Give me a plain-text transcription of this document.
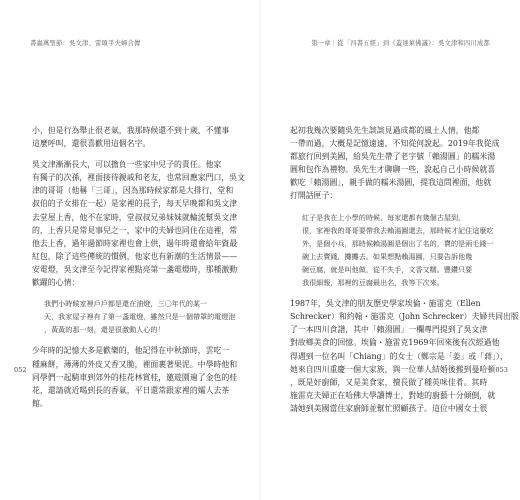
書蟲萬聖節：吳文津、雷頌平夫婦合傳
小，但是行為舉止很老氣，我那時候還不到十歲，不懂事
這麼呼叫，還很喜歡用這個名字。
吳文津漸漸長大，可以擔負一些家中兒子的責任。他家
有獨子的次孫，裡面接待親戚和老友，也常回應家門口，吳文
津的哥哥（他稱「三哥」，因為那時候家都是大排行，堂和
叔伯的子女排在一起）是家裡的長子，每天早晚都和吳文津
去堂屋上香，他不在家時，堂叔叔兄弟妹妹就輪流幫吳文津
的，上香只是常見事兒之一，家中的夫婦也同住在這裡，常
他去上香，過年過節時家裡也會上供，過年時還會給年資最
紅包，除了這些傳統的慣例，他家也有新潮的生活情景——
安電燈，吳文津至今記得家裡點亮第一盞電燈時，那種激動
歡躍的心情：
我們小時候家裡戶戶都是還在油燈，三〇年代的某一
天，我家屋子裡有了第一盞電燈，雖然只是一個帶罩的電燈泡
，黃黃的那一刻，還是很激動人心的！
少年時的記憶大多是歡樂的，他記得在中秋節時，雲吃一
種麻餅，薄薄的外皮又香又脆，裡面裹著果泥。中學時他和
同學們一起騎車到郊外的桂花林賞桂，邀遊園遍了金色的桂
花，還請就近喝到長的香氣，平日還常跟家裡的孀人去茶
館。
052
第一章｜從「四書五經」到《蓋達萊佛議》：吳文津和四川成都
起初我幾次要隨吳先生談談見過成都的風土人情，他都
一帶而過，大概是記憶遠遠，不知從何說起。2019年我從成
都旅行回到美國，給吳先生帶了老字號「賴湯圓」的糯米湯
圓和包作為禮物。吳先生才聊聊一些，說起自己小時候就喜
歡吃「賴湯圓」，親手做的糯米湯圓，提我這問裡面，他就
打開話匣子：
紅子是我在上小學的時候，每家還都有幾個古屋到，
很，家裡我的哥哥要帶我去賴湯圓還去，那時候才記住這麼吃
外，是個小兵，那時候賴湯圓是個出了名的，賣的是兩毛錢一
碗上去賣錢，攤攤去。如果想點賴湯圓，只要告訴他幾
碗豆腐，就是叫他做，從不失手，文香又糯。豐鑽只要
我很細報，那裡的豆腐最出名，我等下次來。
1987年，吳文津的朋友歷史學家埃倫・施雷克（Ellen
Schrecker）和約翰・施雷克（John Schrecker）夫婦共同出版
了一本四川食譜，其中「賴湯圓」一欄專門提到了吳文津
對故鄉美食的回憶。埃倫・施雷克1969年回來後有次經過他
得遇到一位名叫「Chiang」的女士（鄭宗是「姜」或「蔣」），
她來自四川重慶一個大家族，與一位華人結婚後搬到曼哈頓
，既是好廚師，又是美食家，擅長做了種英味佳肴。其時
施雷克夫婦正在哈佛大學讀博士，對她的廚藝十分傾倒，就
請她到美國當住家廚師並幫忙照顧孩子。這位中國女士很
053
